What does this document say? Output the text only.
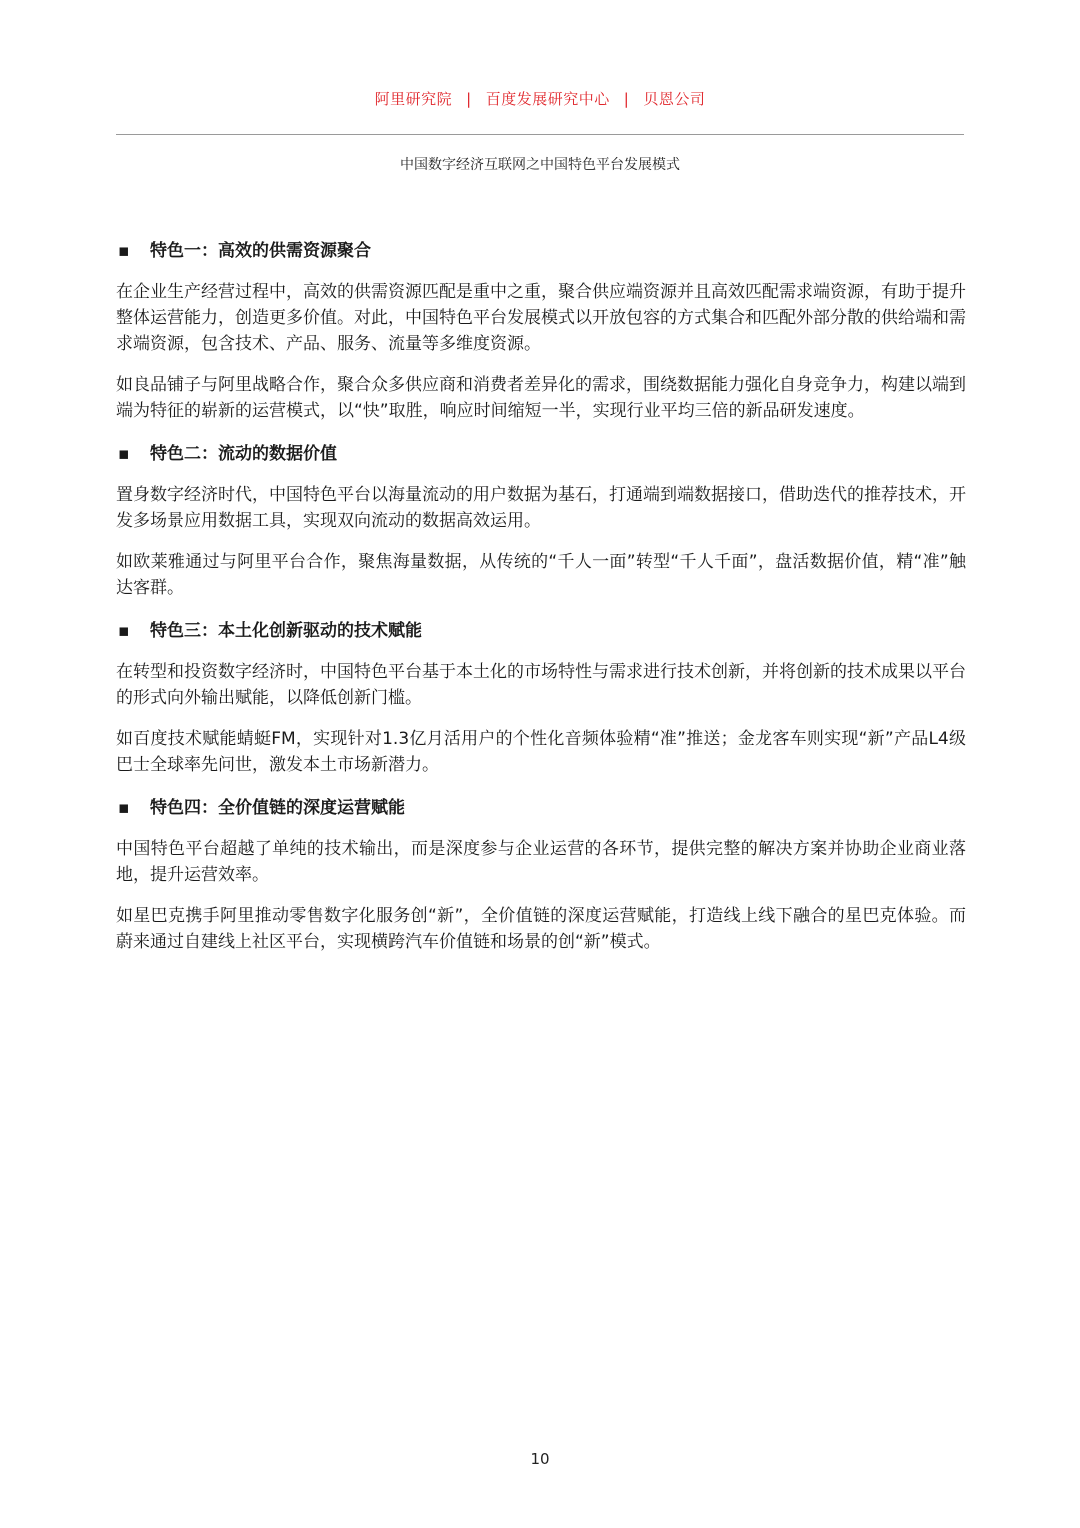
阿里研究院 | 百度发展研究中心 | 贝恩公司
中国数字经济互联网之中国特色平台发展模式
▪ 特色一：高效的供需资源聚合

在企业生产经营过程中，高效的供需资源匹配是重中之重，聚合供应端资源并且高效匹配需求端资源，有助于提升整体运营能力，创造更多价值。对此，中国特色平台发展模式以开放包容的方式集合和匹配外部分散的供给端和需求端资源，包含技术、产品、服务、流量等多维度资源。

如良品铺子与阿里战略合作，聚合众多供应商和消费者差异化的需求，围绕数据能力强化自身竞争力，构建以端到端为特征的崭新的运营模式，以“快”取胜，响应时间缩短一半，实现行业平均三倍的新品研发速度。

▪ 特色二：流动的数据价值

置身数字经济时代，中国特色平台以海量流动的用户数据为基石，打通端到端数据接口，借助迭代的推荐技术，开发多场景应用数据工具，实现双向流动的数据高效运用。

如欧莱雅通过与阿里平台合作，聚焦海量数据，从传统的“千人一面”转型“千人千面”，盘活数据价值，精“准”触达客群。

▪ 特色三：本土化创新驱动的技术赋能

在转型和投资数字经济时，中国特色平台基于本土化的市场特性与需求进行技术创新，并将创新的技术成果以平台的形式向外输出赋能，以降低创新门槛。

如百度技术赋能蜻蜓FM，实现针对1.3亿月活用户的个性化音频体验精“准”推送；金龙客车则实现“新”产品L4级巴士全球率先问世，激发本土市场新潜力。

▪ 特色四：全价值链的深度运营赋能

中国特色平台超越了单纯的技术输出，而是深度参与企业运营的各环节，提供完整的解决方案并协助企业商业落地，提升运营效率。

如星巴克携手阿里推动零售数字化服务创“新”，全价值链的深度运营赋能，打造线上线下融合的星巴克体验。而蔚来通过自建线上社区平台，实现横跨汽车价值链和场景的创“新”模式。

10
